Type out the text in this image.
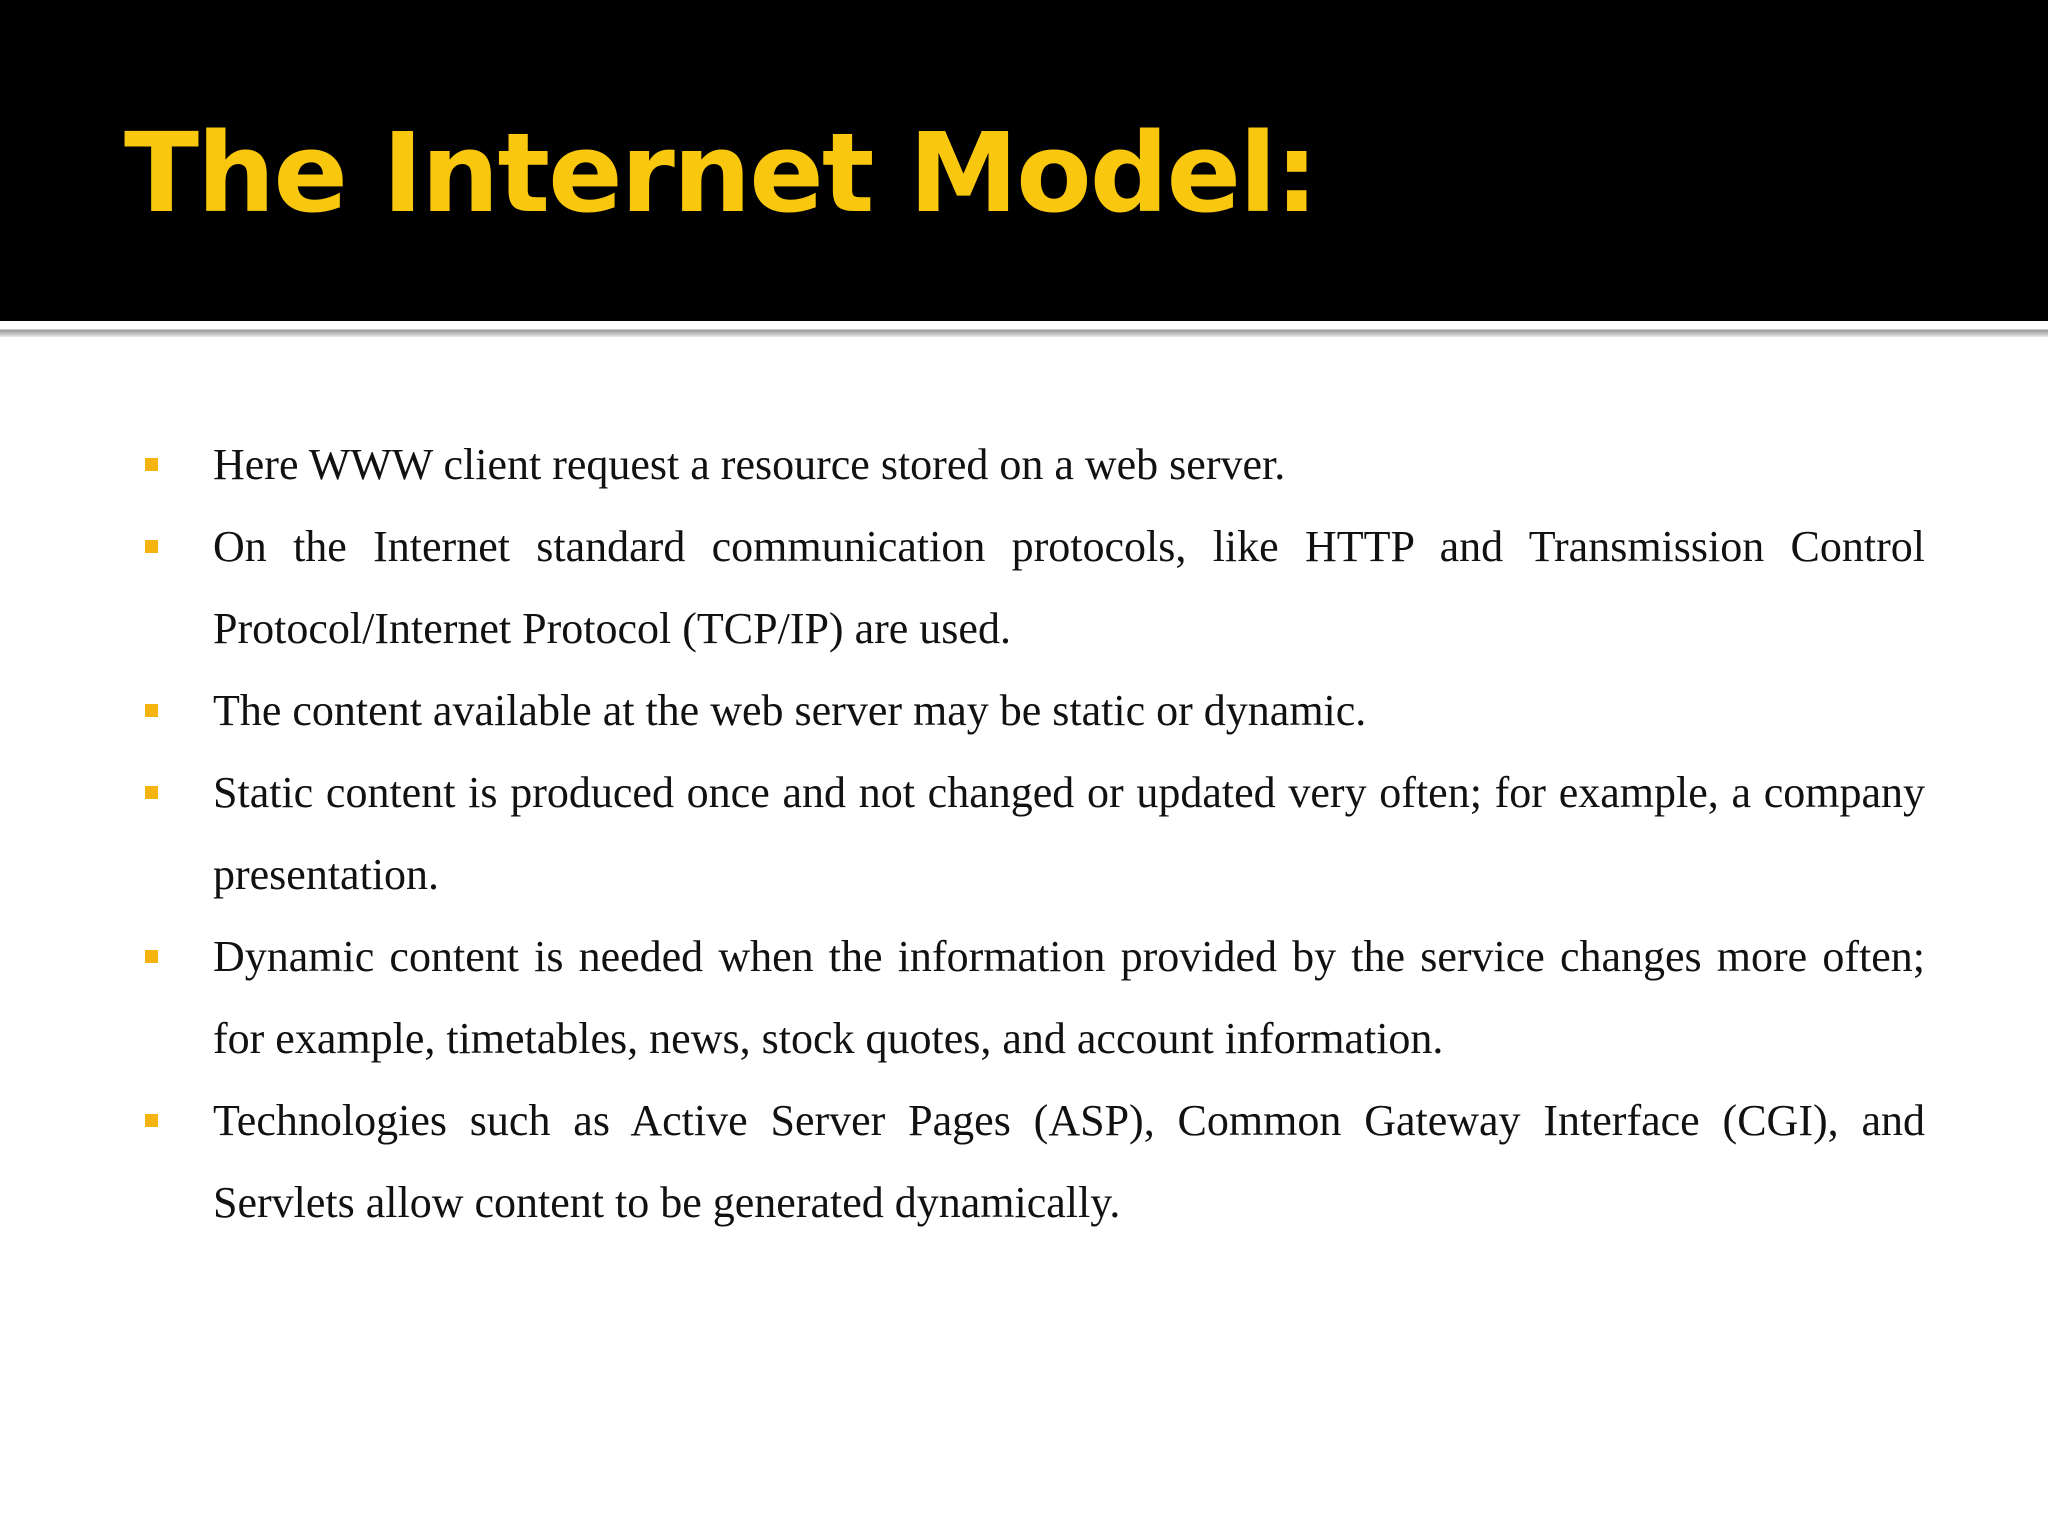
The Internet Model:
Here WWW client request a resource stored on a web server.
On the Internet standard communication protocols, like HTTP and Transmission Control Protocol/Internet Protocol (TCP/IP) are used.
The content available at the web server may be static or dynamic.
Static content is produced once and not changed or updated very often; for example, a company presentation.
Dynamic content is needed when the information provided by the service changes more often; for example, timetables, news, stock quotes, and account information.
Technologies such as Active Server Pages (ASP), Common Gateway Interface (CGI), and Servlets allow content to be generated dynamically.
